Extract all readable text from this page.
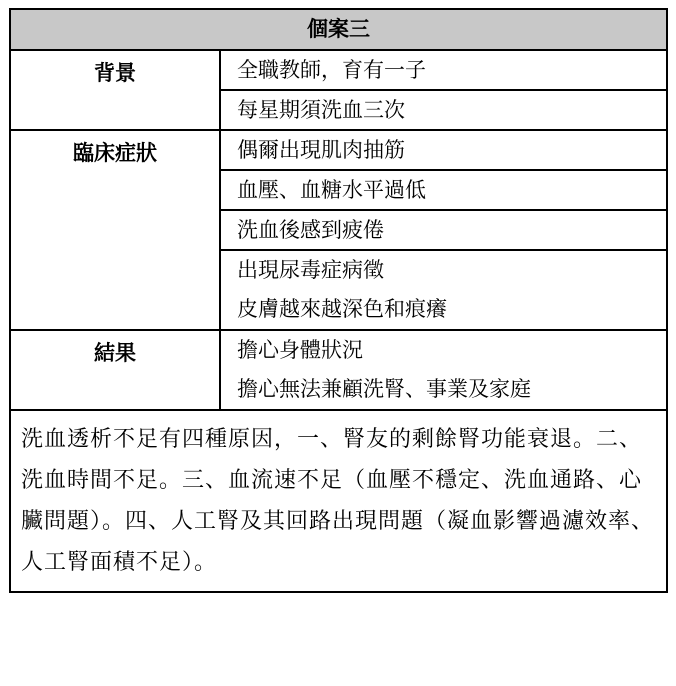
個案三	
背景	全職教師，育有一子
	每星期須洗血三次
臨床症狀	偶爾出現肌肉抽筋
	血壓、血糖水平過低
	洗血後感到疲倦
	出現尿毒症病徵
	皮膚越來越深色和痕癢
結果	擔心身體狀況
	擔心無法兼顧洗腎、事業及家庭
洗血透析不足有四種原因，一、腎友的剩餘腎功能衰退。二、洗血時間不足。三、血流速不足（血壓不穩定、洗血通路、心臟問題）。四、人工腎及其回路出現問題（凝血影響過濾效率、人工腎面積不足）。	
